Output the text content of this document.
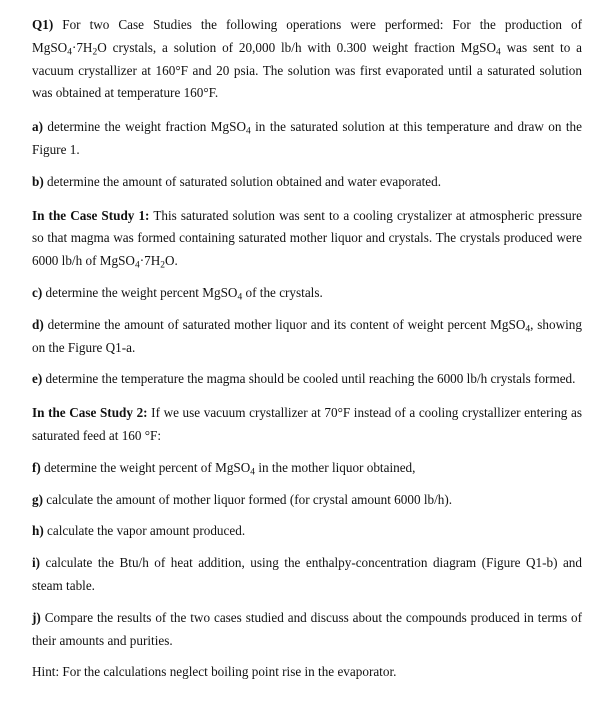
Q1) For two Case Studies the following operations were performed: For the production of $MgSO_4\cdot 7H_2O$ crystals, a solution of 20,000 lb/h with 0.300 weight fraction MgSO$_4$ was sent to a vacuum crystallizer at 160°F and 20 psia. The solution was first evaporated until a saturated solution was obtained at temperature 160°F.

a) determine the weight fraction MgSO$_4$ in the saturated solution at this temperature and draw on the Figure 1.

b) determine the amount of saturated solution obtained and water evaporated.

In the Case Study 1: This saturated solution was sent to a cooling crystalizer at atmospheric pressure so that magma was formed containing saturated mother liquor and crystals. The crystals produced were 6000 lb/h of $MgSO_4\cdot 7H_2O$.

c) determine the weight percent MgSO$_4$ of the crystals.

d) determine the amount of saturated mother liquor and its content of weight percent MgSO$_4$, showing on the Figure Q1-a.

e) determine the temperature the magma should be cooled until reaching the 6000 lb/h crystals formed.

In the Case Study 2: If we use vacuum crystallizer at 70°F instead of a cooling crystallizer entering as saturated feed at 160 °F:

f) determine the weight percent of MgSO$_4$ in the mother liquor obtained,

g) calculate the amount of mother liquor formed (for crystal amount 6000 lb/h).

h) calculate the vapor amount produced.

i) calculate the Btu/h of heat addition, using the enthalpy-concentration diagram (Figure Q1-b) and steam table.

j) Compare the results of the two cases studied and discuss about the compounds produced in terms of their amounts and purities.

Hint: For the calculations neglect boiling point rise in the evaporator.
